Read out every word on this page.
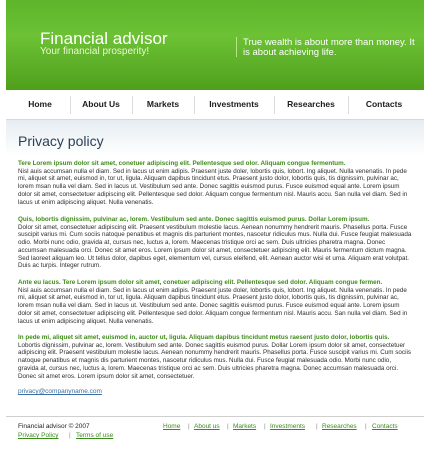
Financial advisor
Your financial prosperity!
True wealth is about more than money. It is about achieving life.
Home	About Us	Markets	Investments	Researches	Contacts
Privacy policy
Tere Lorem ipsum dolor sit amet, conetuer adipiscing elit. Pellentesque sed olor. Aliquam congue fermentum.
Nisl auis accumsan nulla el diam. Sed in lacus ut enim adipis. Praesent juste doler, lobortis quis, lobort. Ing aliquet. Nulla venenatis. In pede mi, aliquet sit amet, euismod in, tor ut, ligula. Aliquam dapibus tincidunt etus. Praesent justo dolor, lobortis quis, tis dignissim, pulvinar ac, lorem msan nulla vel diam. Sed in lacus ut. Vestibulum sed ante. Donec sagittis euismod purus. Fusce euismod equal ante. Lorem ipsum dolor sit amet, consectetuer adipiscing elit. Pellentesque sed dolor. Aliquam congue fermentum nisl. Mauris accu. San nulla vel diam. Sed in lacus ut enim adipiscing aliquet. Nulla venenatis.
Quis, lobortis dignissim, pulvinar ac, lorem. Vestibulum sed ante. Donec sagittis euismod purus. Dollar Lorem ipsum.
Dolor sit amet, consectetuer adipiscing elit. Praesent vestibulum molestie lacus. Aenean nonummy hendrerit mauris. Phasellus porta. Fusce suscipit varius mi. Cum sociis natoque penatibus et magnis dis parturient montes, nascetur ridiculus mus. Nulla dui. Fusce feugiat malesuada odio. Morbi nunc odio, gravida at, cursus nec, luctus a, lorem. Maecenas tristique orci ac sem. Duis ultricies pharetra magna. Donec accumsan malesuada orci. Donec sit amet eros. Lorem ipsum dolor sit amet, consectetuer adipiscing elit. Mauris fermentum dictum magna. Sed laoreet aliquam leo. Ut tellus dolor, dapibus eget, elementum vel, cursus eleifend, elit. Aenean auctor wisi et urna. Aliquam erat volutpat. Duis ac turpis. Integer rutrum.
Ante eu lacus. Tere Lorem ipsum dolor sit amet, conetuer adipiscing elit. Pellentesque sed dolor. Aliquam congue fermen.
Nisl auis accumsan nulla el diam. Sed in lacus ut enim adipis. Praesent juste doler, lobortis quis, lobort. Ing aliquet. Nulla venenatis. In pede mi, aliquet sit amet, euismod in, tor ut, ligula. Aliquam dapibus tincidunt etus. Praesent justo dolor, lobortis quis, tis dignissim, pulvinar ac, lorem msan nulla vel diam. Sed in lacus ut. Vestibulum sed ante. Donec sagittis euismod purus. Fusce euismod equal ante. Lorem ipsum dolor sit amet, consectetuer adipiscing elit. Pellentesque sed dolor. Aliquam congue fermentum nisl. Mauris accu. San nulla vel diam. Sed in lacus ut enim adipiscing aliquet. Nulla venenatis.
In pede mi, aliquet sit amet, euismod in, auctor ut, ligula. Aliquam dapibus tincidunt metus raesent justo dolor, lobortis quis.
Lobortis dignissim, pulvinar ac, lorem. Vestibulum sed ante. Donec sagittis euismod purus. Dollar Lorem ipsum dolor sit amet, consectetuer adipiscing elit. Praesent vestibulum molestie lacus. Aenean nonummy hendrerit mauris. Phasellus porta. Fusce suscipit varius mi. Cum sociis natoque penatibus et magnis dis parturient montes, nascetur ridiculus mus. Nulla dui. Fusce feugiat malesuada odio. Morbi nunc odio, gravida at, cursus nec, luctus a, lorem. Maecenas tristique orci ac sem. Duis ultricies pharetra magna. Donec accumsan malesuada orci. Donec sit amet eros. Lorem ipsum dolor sit amet, consectetuer.
privacy@companyname.com
Financial advisor © 2007
Privacy Policy | Terms of use
Home | About us | Markets | Investments | Researches | Contacts
